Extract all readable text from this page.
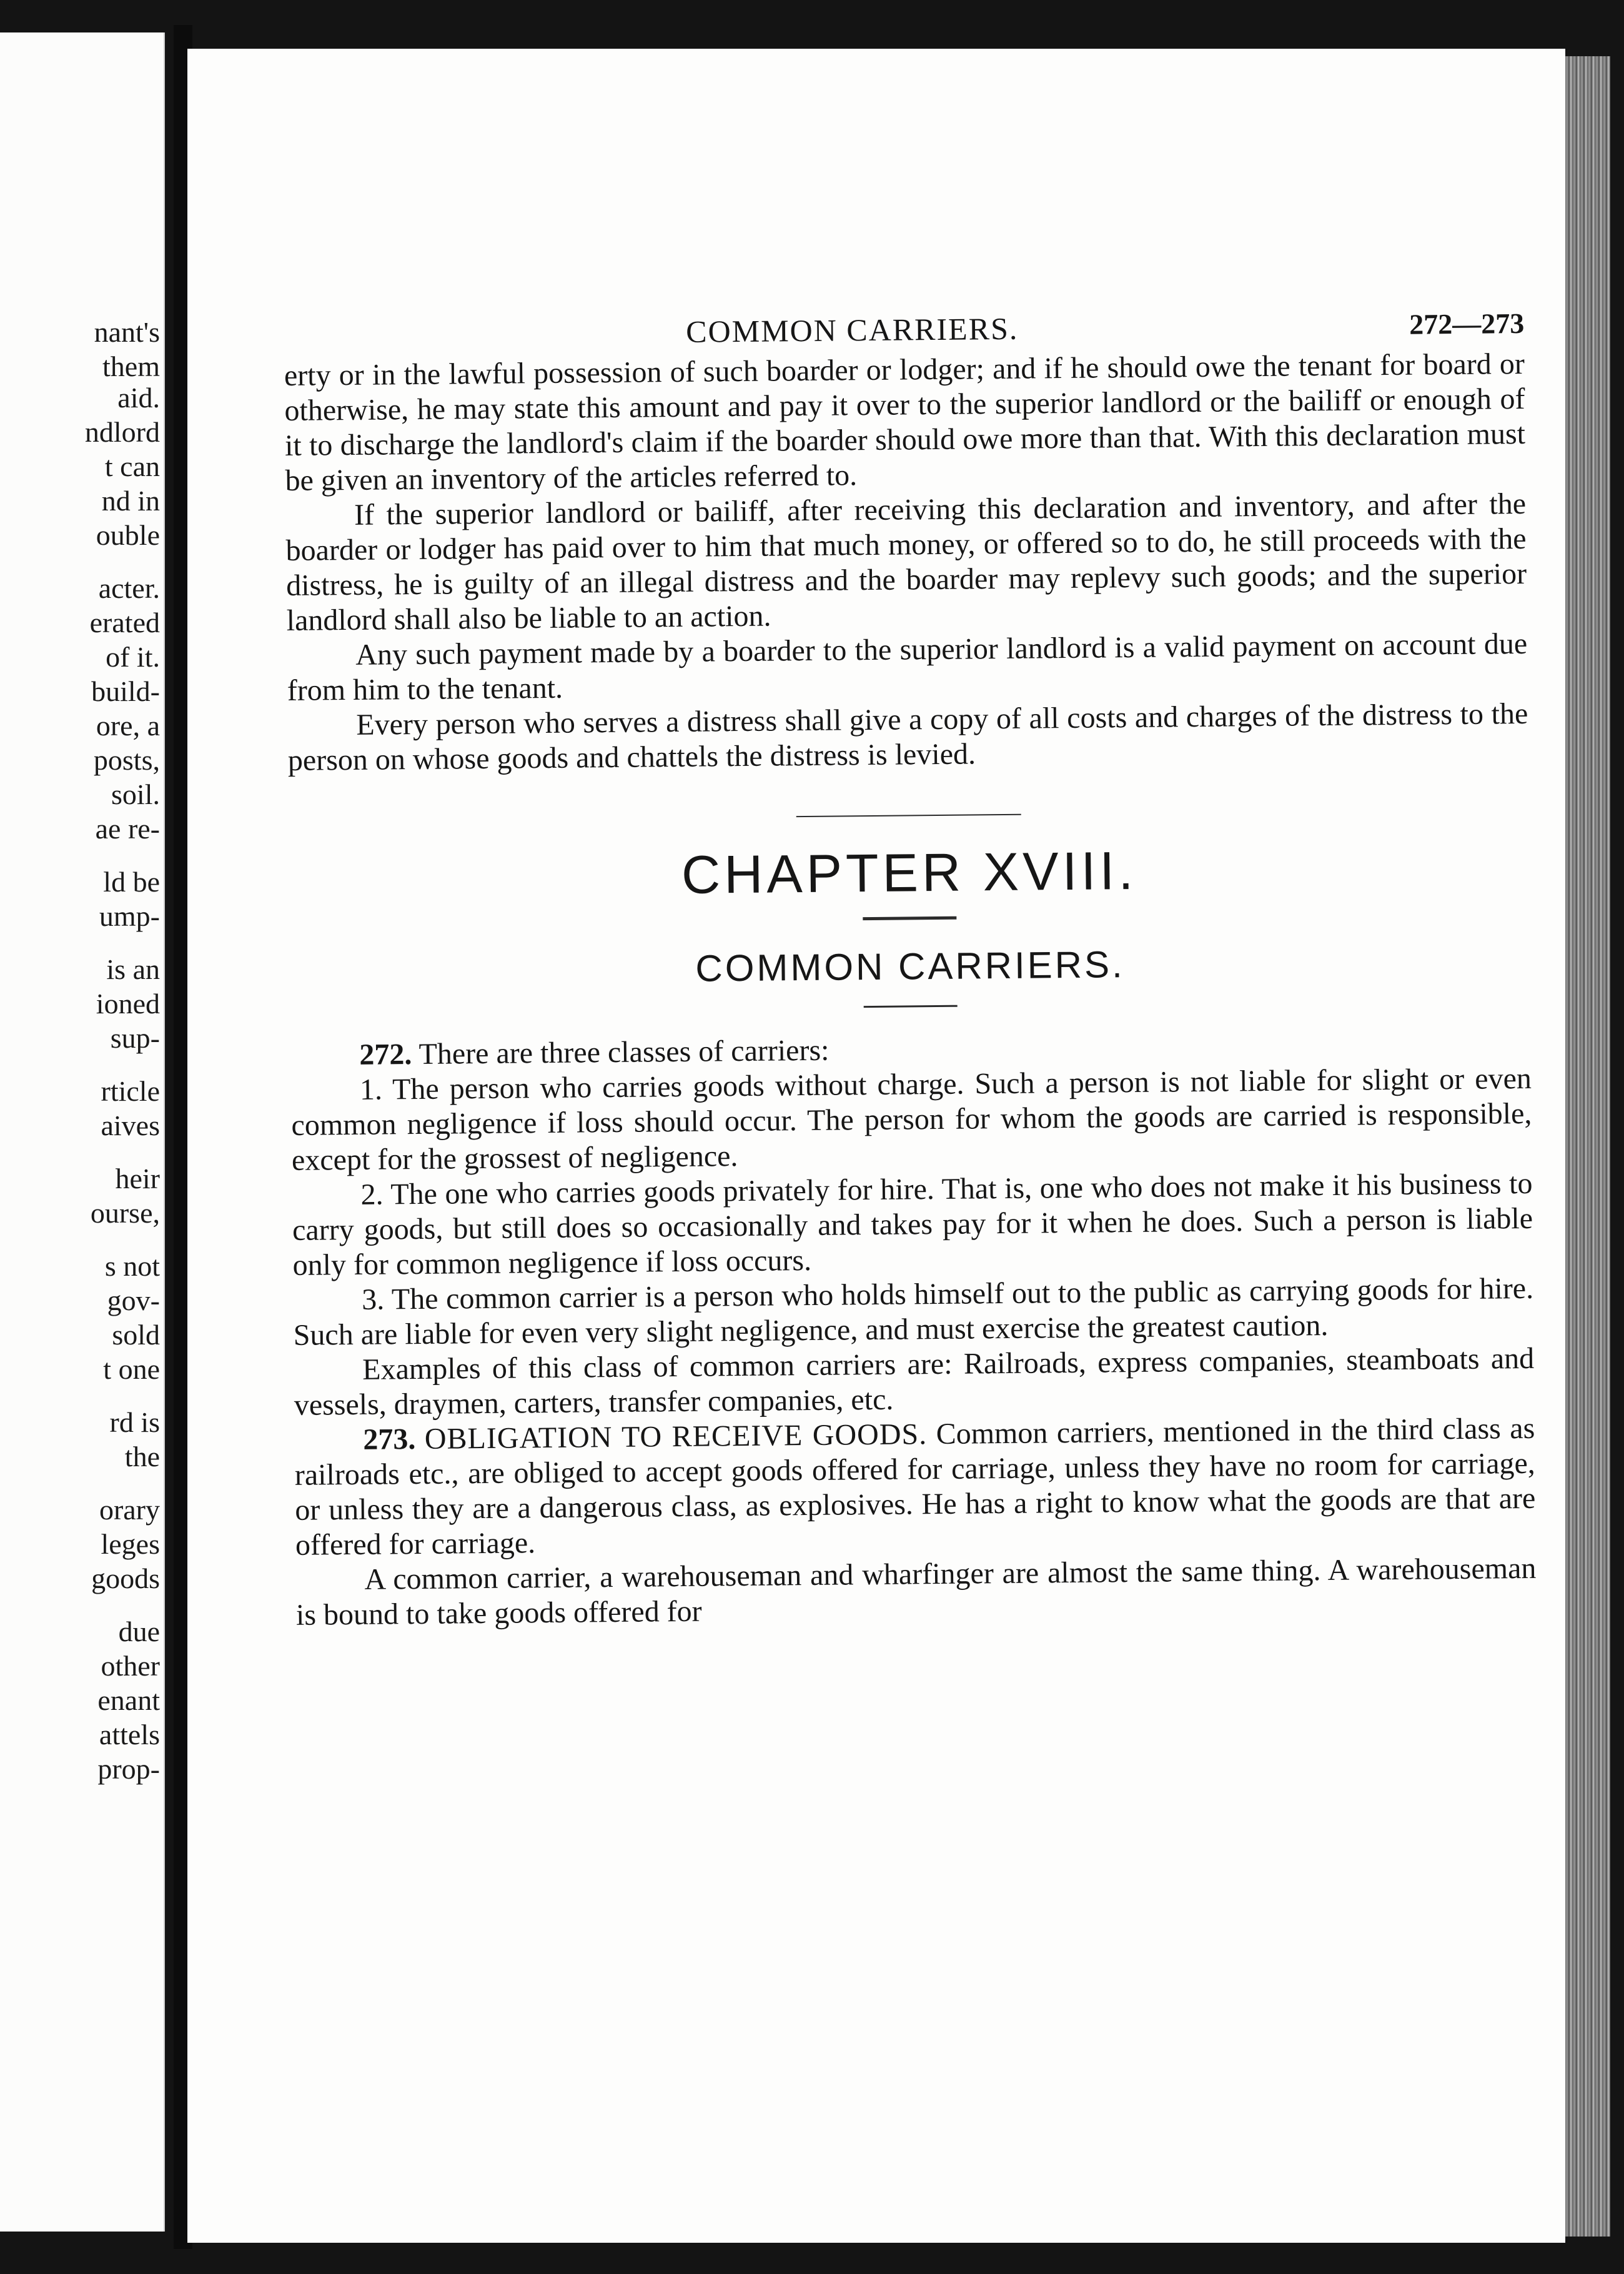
nant's
them
aid.
ndlord
t can
nd in
ouble
acter.
erated
of it.
build-
ore, a
posts,
soil.
ae re-
ld be
ump-
is an
ioned
sup-
rticle
aives
heir
ourse,
s not
gov-
sold
t one
rd is
the
orary
leges
goods
due
other
enant
attels
prop-
COMMON CARRIERS.	272—273

erty or in the lawful possession of such boarder or lodger; and if he should owe the tenant for board or otherwise, he may state this amount and pay it over to the superior landlord or the bailiff or enough of it to discharge the landlord's claim if the boarder should owe more than that. With this declaration must be given an inventory of the articles referred to.

If the superior landlord or bailiff, after receiving this declaration and inventory, and after the boarder or lodger has paid over to him that much money, or offered so to do, he still proceeds with the distress, he is guilty of an illegal distress and the boarder may replevy such goods; and the superior landlord shall also be liable to an action.

Any such payment made by a boarder to the superior landlord is a valid payment on account due from him to the tenant.

Every person who serves a distress shall give a copy of all costs and charges of the distress to the person on whose goods and chattels the distress is levied.

CHAPTER XVIII.
COMMON CARRIERS.

272. There are three classes of carriers:

1. The person who carries goods without charge. Such a person is not liable for slight or even common negligence if loss should occur. The person for whom the goods are carried is responsible, except for the grossest of negligence.

2. The one who carries goods privately for hire. That is, one who does not make it his business to carry goods, but still does so occasionally and takes pay for it when he does. Such a person is liable only for common negligence if loss occurs.

3. The common carrier is a person who holds himself out to the public as carrying goods for hire. Such are liable for even very slight negligence, and must exercise the greatest caution.

Examples of this class of common carriers are: Railroads, express companies, steamboats and vessels, draymen, carters, transfer companies, etc.

273. OBLIGATION TO RECEIVE GOODS. Common carriers, mentioned in the third class as railroads etc., are obliged to accept goods offered for carriage, unless they have no room for carriage, or unless they are a dangerous class, as explosives. He has a right to know what the goods are that are offered for carriage.

A common carrier, a warehouseman and wharfinger are almost the same thing. A warehouseman is bound to take goods offered for
